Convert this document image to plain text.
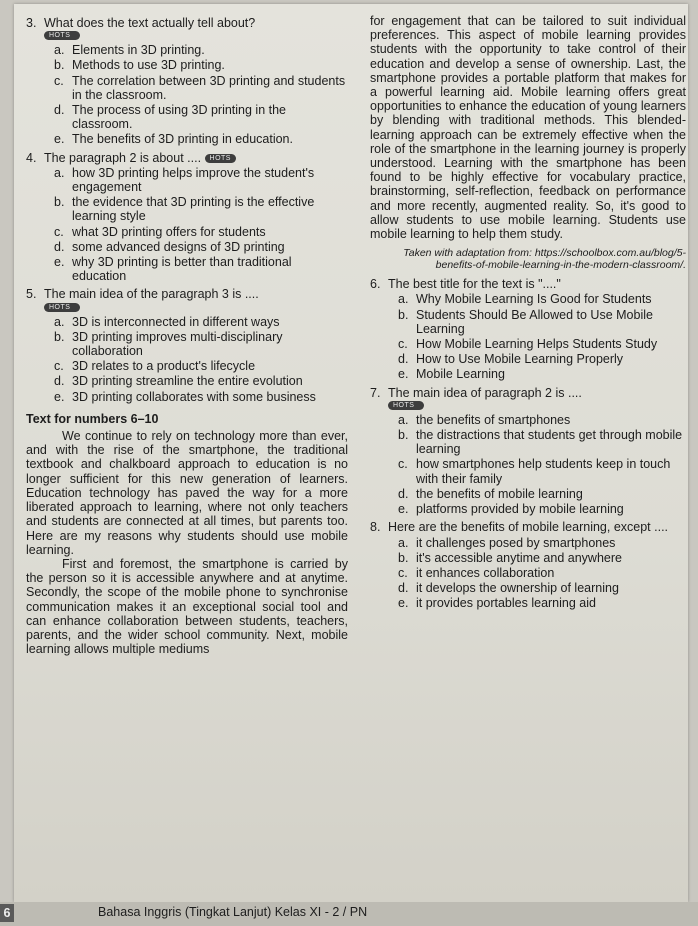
3. What does the text actually tell about?
HOTS
a. Elements in 3D printing.
b. Methods to use 3D printing.
c. The correlation between 3D printing and students in the classroom.
d. The process of using 3D printing in the classroom.
e. The benefits of 3D printing in education.
4. The paragraph 2 is about .... HOTS
a. how 3D printing helps improve the student's engagement
b. the evidence that 3D printing is the effective learning style
c. what 3D printing offers for students
d. some advanced designs of 3D printing
e. why 3D printing is better than traditional education
5. The main idea of the paragraph 3 is ....
HOTS
a. 3D is interconnected in different ways
b. 3D printing improves multi-disciplinary collaboration
c. 3D relates to a product's lifecycle
d. 3D printing streamline the entire evolution
e. 3D printing collaborates with some business
Text for numbers 6–10

We continue to rely on technology more than ever, and with the rise of the smartphone, the traditional textbook and chalkboard approach to education is no longer sufficient for this new generation of learners. Education technology has paved the way for a more liberated approach to learning, where not only teachers and students are connected at all times, but parents too. Here are my reasons why students should use mobile learning.

First and foremost, the smartphone is carried by the person so it is accessible anywhere and at anytime. Secondly, the scope of the mobile phone to synchronise communication makes it an exceptional social tool and can enhance collaboration between students, teachers, parents, and the wider school community. Next, mobile learning allows multiple mediums

for engagement that can be tailored to suit individual preferences. This aspect of mobile learning provides students with the opportunity to take control of their education and develop a sense of ownership. Last, the smartphone provides a portable platform that makes for a powerful learning aid. Mobile learning offers great opportunities to enhance the education of young learners by blending with traditional methods. This blended-learning approach can be extremely effective when the role of the smartphone in the learning journey is properly understood. Learning with the smartphone has been found to be highly effective for vocabulary practice, brainstorming, self-reflection, feedback on performance and more recently, augmented reality. So, it's good to allow students to use mobile learning. Students use mobile learning to help them study.

Taken with adaptation from: https://schoolbox.com.au/blog/5-benefits-of-mobile-learning-in-the-modern-classroom/.
6. The best title for the text is "...."
a. Why Mobile Learning Is Good for Students
b. Students Should Be Allowed to Use Mobile Learning
c. How Mobile Learning Helps Students Study
d. How to Use Mobile Learning Properly
e. Mobile Learning
7. The main idea of paragraph 2 is ....
HOTS
a. the benefits of smartphones
b. the distractions that students get through mobile learning
c. how smartphones help students keep in touch with their family
d. the benefits of mobile learning
e. platforms provided by mobile learning
8. Here are the benefits of mobile learning, except ....
a. it challenges posed by smartphones
b. it's accessible anytime and anywhere
c. it enhances collaboration
d. it develops the ownership of learning
e. it provides portables learning aid
6	Bahasa Inggris (Tingkat Lanjut) Kelas XI - 2 / PN
